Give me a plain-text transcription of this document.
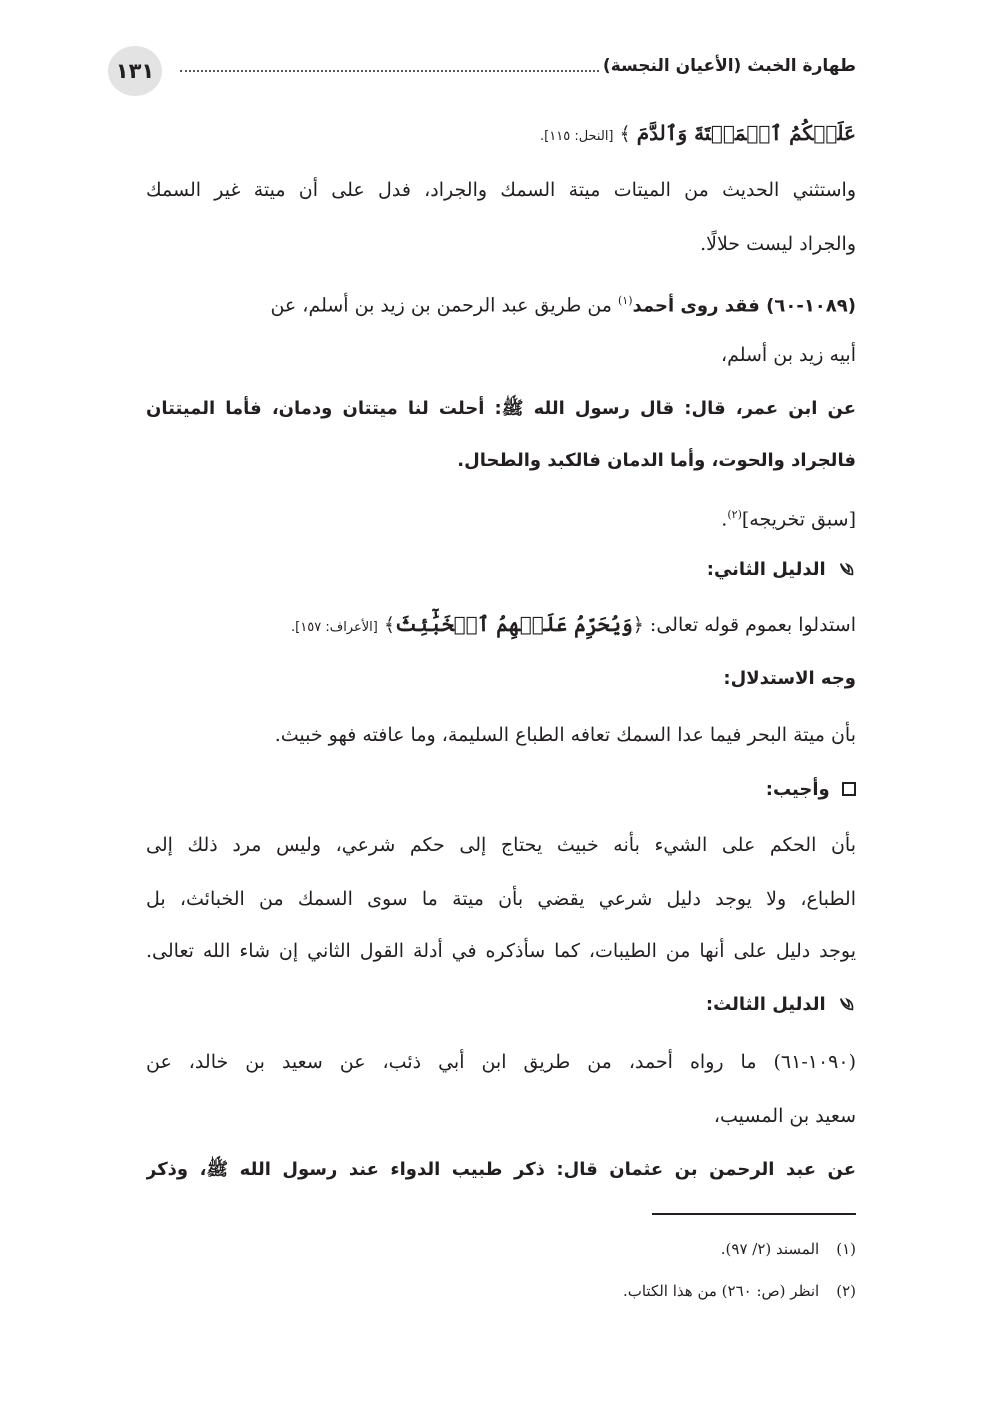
١٣١	طهارة الخبث (الأعيان النجسة)
عَلَيۡكُمُ ٱلۡمَيۡتَةَ وَٱلدَّمَ ﴾ [النحل: ١١٥].
واستثني الحديث من الميتات ميتة السمك والجراد، فدل على أن ميتة غير السمك
والجراد ليست حلالًا.
(١٠٨٩-٦٠) فقد روى أحمد$^{(١)}$ من طريق عبد الرحمن بن زيد بن أسلم، عن
أبيه زيد بن أسلم،
عن ابن عمر، قال: قال رسول الله ﷺ: أحلت لنا ميتتان ودمان، فأما الميتتان
فالجراد والحوت، وأما الدمان فالكبد والطحال.
[سبق تخريجه]$^{(٢)}$.
الدليل الثاني:
استدلوا بعموم قوله تعالى: ﴿وَيُحَرِّمُ عَلَيۡهِمُ ٱلۡخَبَٰٓئِثَ﴾ [الأعراف: ١٥٧].
وجه الاستدلال:
بأن ميتة البحر فيما عدا السمك تعافه الطباع السليمة، وما عافته فهو خبيث.
وأجيب:
بأن الحكم على الشيء بأنه خبيث يحتاج إلى حكم شرعي، وليس مرد ذلك إلى
الطباع، ولا يوجد دليل شرعي يقضي بأن ميتة ما سوى السمك من الخبائث، بل
يوجد دليل على أنها من الطيبات، كما سأذكره في أدلة القول الثاني إن شاء الله تعالى.
الدليل الثالث:
(١٠٩٠-٦١) ما رواه أحمد، من طريق ابن أبي ذئب، عن سعيد بن خالد، عن
سعيد بن المسيب،
عن عبد الرحمن بن عثمان قال: ذكر طبيب الدواء عند رسول الله ﷺ، وذكر
(١) المسند (٢/ ٩٧).
(٢) انظر (ص: ٢٦٠) من هذا الكتاب.
